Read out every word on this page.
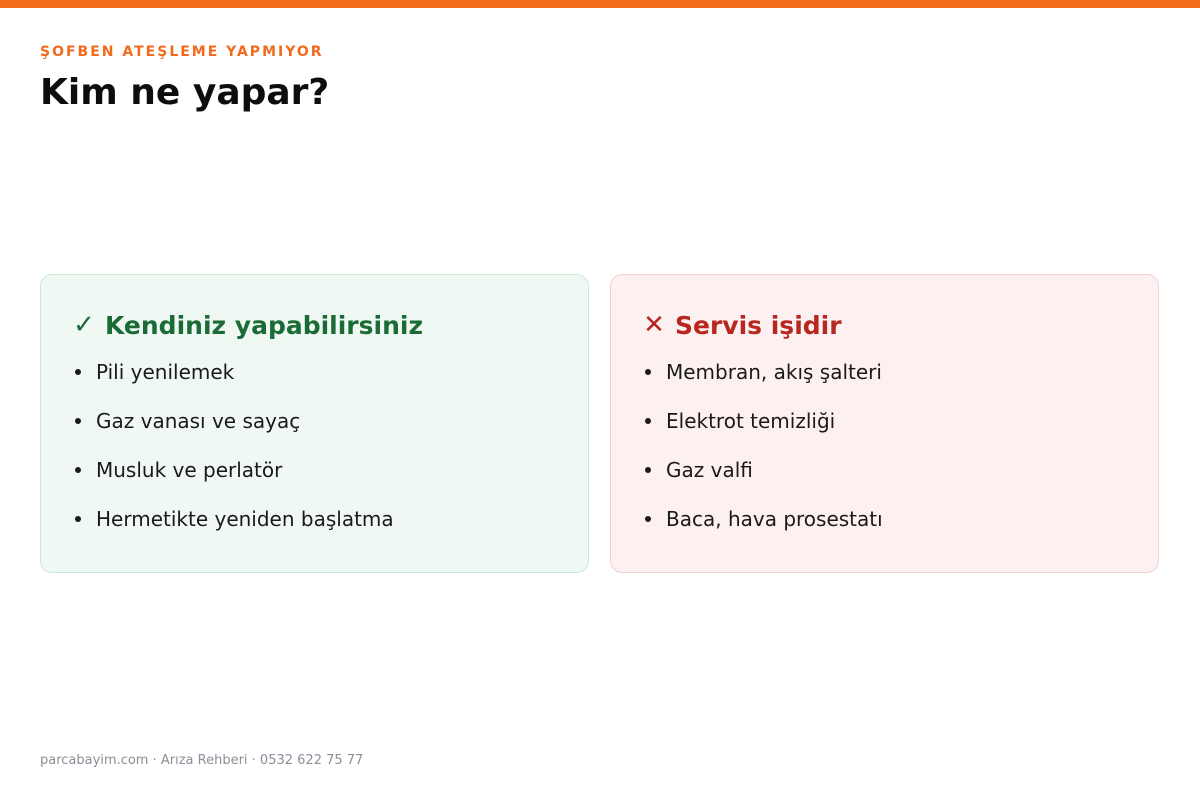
ŞOFBEN ATEŞLEME YAPMIYOR
Kim ne yapar?
✓ Kendiniz yapabilirsiniz
Pili yenilemek
Gaz vanası ve sayaç
Musluk ve perlatör
Hermetikte yeniden başlatma
✕ Servis işidir
Membran, akış şalteri
Elektrot temizliği
Gaz valfi
Baca, hava prosestatı
parcabayim.com · Arıza Rehberi · 0532 622 75 77
